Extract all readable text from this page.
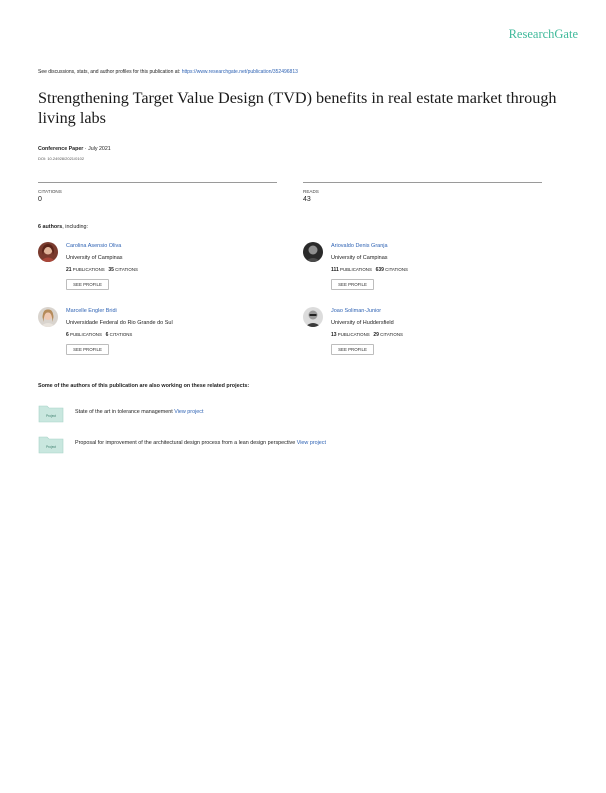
ResearchGate
See discussions, stats, and author profiles for this publication at: https://www.researchgate.net/publication/352496813
Strengthening Target Value Design (TVD) benefits in real estate market through living labs
Conference Paper · July 2021
DOI: 10.24928/2021/0102
CITATIONS
0
READS
43
6 authors, including:
Carolina Asensio Oliva
University of Campinas
21 PUBLICATIONS 35 CITATIONS
SEE PROFILE
Ariovaldo Denis Granja
University of Campinas
111 PUBLICATIONS 639 CITATIONS
SEE PROFILE
Marcelle Engler Bridi
Universidade Federal do Rio Grande do Sul
6 PUBLICATIONS 6 CITATIONS
SEE PROFILE
Joao Soliman-Junior
University of Huddersfield
13 PUBLICATIONS 29 CITATIONS
SEE PROFILE
Some of the authors of this publication are also working on these related projects:
Project
State of the art in tolerance management View project
Project
Proposal for improvement of the architectural design process from a lean design perspective View project
